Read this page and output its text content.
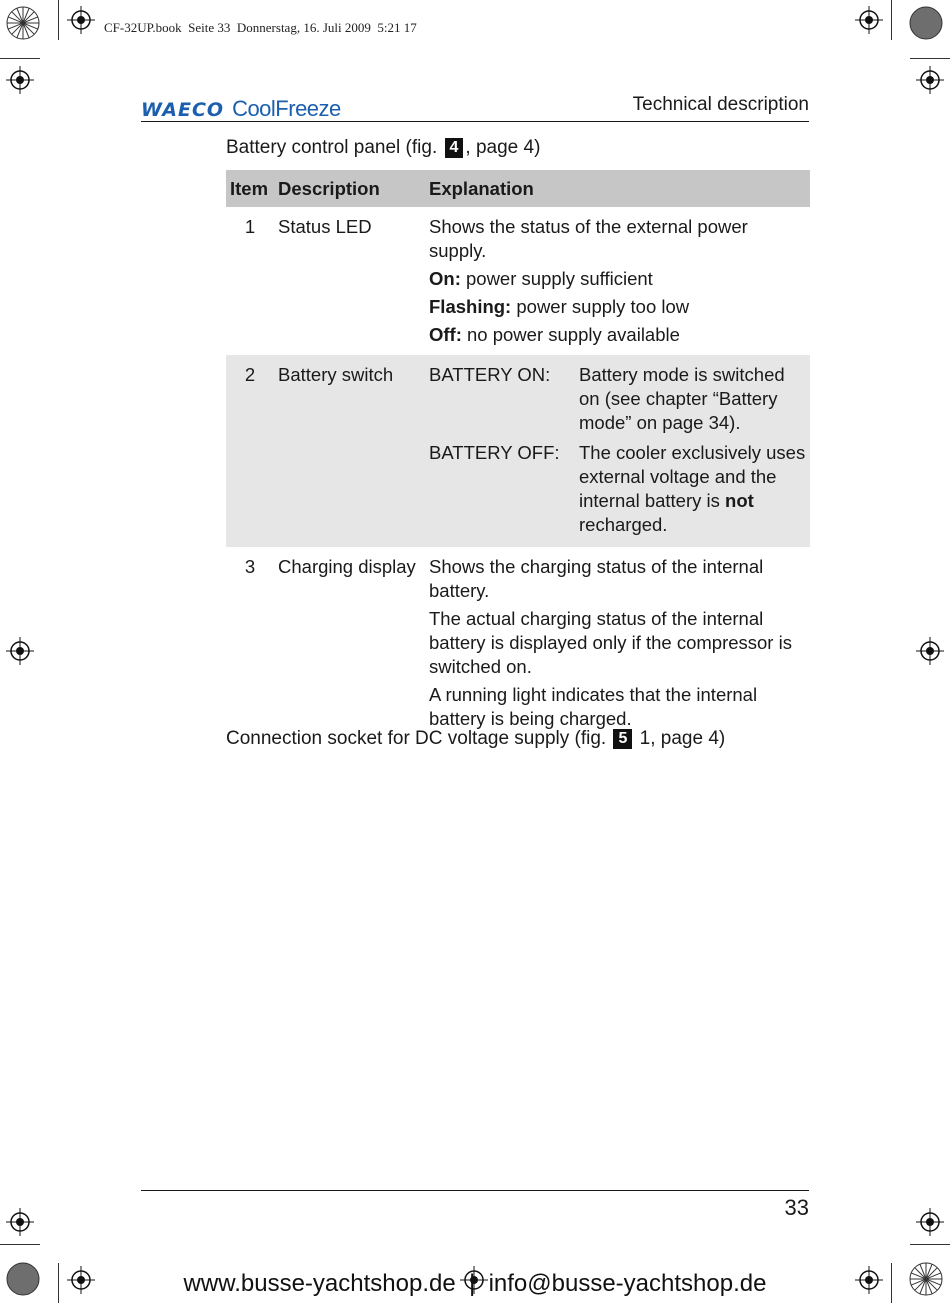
CF-32UP.book  Seite 33  Donnerstag, 16. Juli 2009  5:21 17
WAECO CoolFreeze	Technical description
Battery control panel (fig. 4 , page 4)
Item	Description	Explanation
1	Status LED	Shows the status of the external power supply.
On: power supply sufficient
Flashing: power supply too low
Off: no power supply available

2	Battery switch	BATTERY ON: Battery mode is switched on (see chapter “Battery mode” on page 34).
BATTERY OFF: The cooler exclusively uses external voltage and the internal battery is not recharged.

3	Charging display	Shows the charging status of the internal battery.
The actual charging status of the internal battery is displayed only if the compressor is switched on.
A running light indicates that the internal battery is being charged.
Connection socket for DC voltage supply (fig. 5 1, page 4)
33
www.busse-yachtshop.de  |  info@busse-yachtshop.de
